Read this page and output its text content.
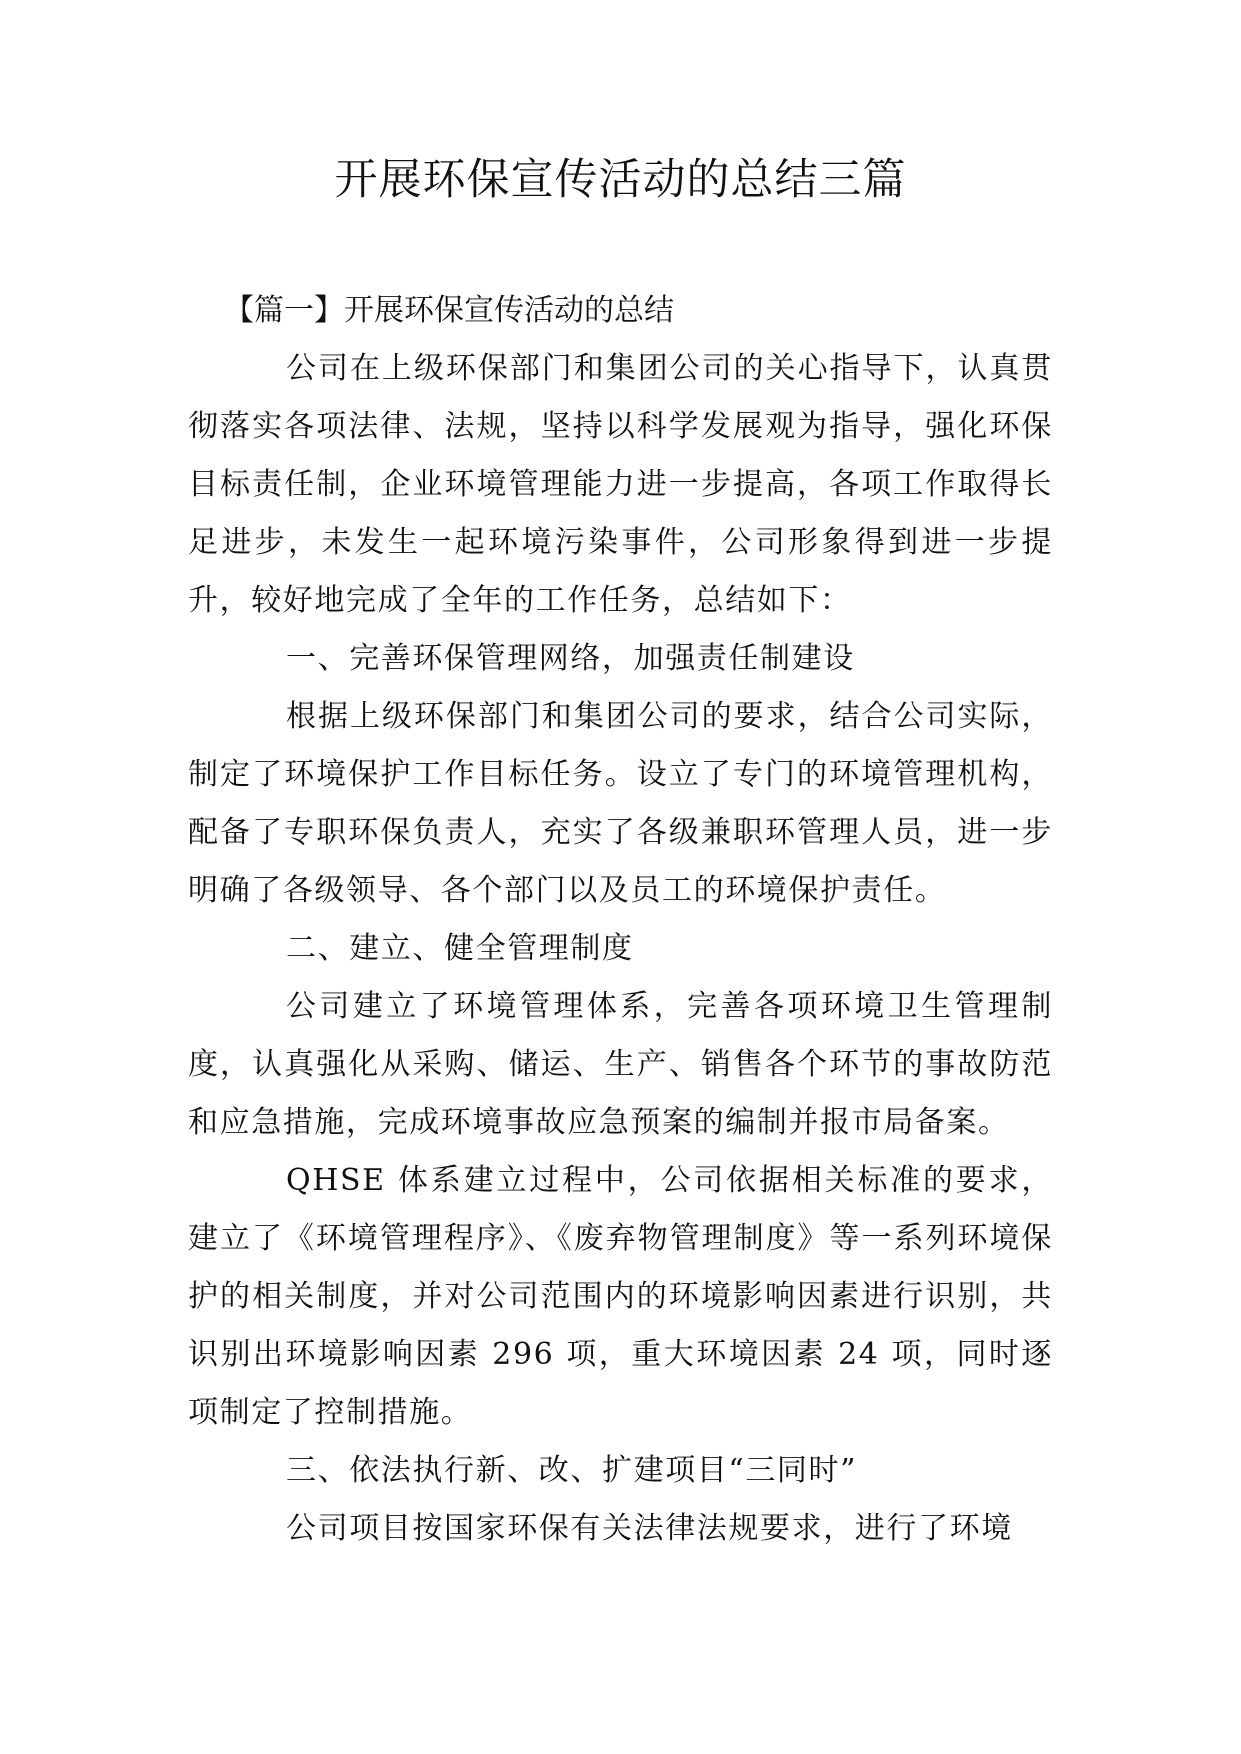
开展环保宣传活动的总结三篇

【篇一】开展环保宣传活动的总结

公司在上级环保部门和集团公司的关心指导下，认真贯彻落实各项法律、法规，坚持以科学发展观为指导，强化环保目标责任制，企业环境管理能力进一步提高，各项工作取得长足进步，未发生一起环境污染事件，公司形象得到进一步提升，较好地完成了全年的工作任务，总结如下：

一、完善环保管理网络，加强责任制建设

根据上级环保部门和集团公司的要求，结合公司实际，制定了环境保护工作目标任务。设立了专门的环境管理机构，配备了专职环保负责人，充实了各级兼职环管理人员，进一步明确了各级领导、各个部门以及员工的环境保护责任。

二、建立、健全管理制度

公司建立了环境管理体系，完善各项环境卫生管理制度，认真强化从采购、储运、生产、销售各个环节的事故防范和应急措施，完成环境事故应急预案的编制并报市局备案。

QHSE 体系建立过程中，公司依据相关标准的要求，建立了《环境管理程序》、《废弃物管理制度》等一系列环境保护的相关制度，并对公司范围内的环境影响因素进行识别，共识别出环境影响因素 296 项，重大环境因素 24 项，同时逐项制定了控制措施。

三、依法执行新、改、扩建项目“三同时”

公司项目按国家环保有关法律法规要求，进行了环境
